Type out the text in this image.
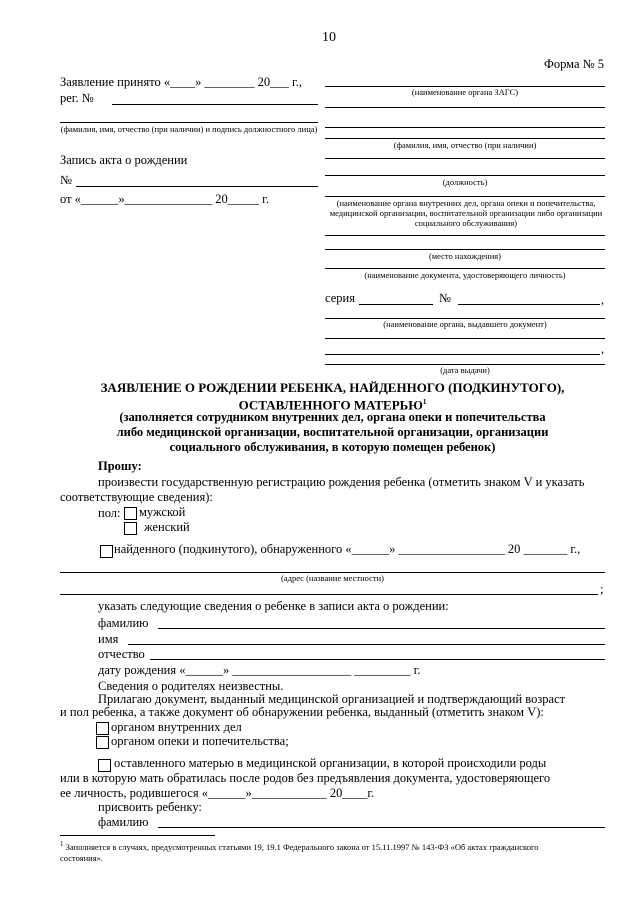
10
Форма № 5
Заявление принято «____» ________ 20___ г.,
рег. №
(фамилия, имя, отчество (при наличии) и подпись должностного лица)
Запись акта о рождении
№
от «______»______________ 20_____ г.
(наименование органа ЗАГС)
(фамилия, имя, отчество (при наличии)
(должность)
(наименование органа внутренних дел, органа опеки и попечительства, медицинской организации, воспитательной организации либо организации социального обслуживания)
(место нахождения)
(наименование документа, удостоверяющего личность)
серия	№	,
(наименование органа, выдавшего документ)
,
(дата выдачи)
ЗАЯВЛЕНИЕ О РОЖДЕНИИ РЕБЕНКА, НАЙДЕННОГО (ПОДКИНУТОГО),
ОСТАВЛЕННОГО МАТЕРЬЮ$^1$
(заполняется сотрудником внутренних дел, органа опеки и попечительства
либо медицинской организации, воспитательной организации, организации
социального обслуживания, в которую помещен ребенок)
Прошу:
произвести государственную регистрацию рождения ребенка (отметить знаком V и указать
соответствующие сведения):
пол: мужской
женский
найденного (подкинутого), обнаруженного «______» _________________ 20 _______ г.,
(адрес (название местности)
;
указать следующие сведения о ребенке в записи акта о рождении:
фамилию
имя
отчество
дату рождения «______» ___________________ _________ г.
Сведения о родителях неизвестны.
Прилагаю документ, выданный медицинской организацией и подтверждающий возраст
и пол ребенка, а также документ об обнаружении ребенка, выданный (отметить знаком V):
органом внутренних дел
органом опеки и попечительства;
оставленного матерью в медицинской организации, в которой происходили роды
или в которую мать обратилась после родов без предъявления документа, удостоверяющего
ее личность, родившегося «______»____________ 20____г.
присвоить ребенку:
фамилию
$^1$ Заполняется в случаях, предусмотренных статьями 19, 19.1 Федерального закона от 15.11.1997 № 143-ФЗ «Об актах гражданского
состояния».
